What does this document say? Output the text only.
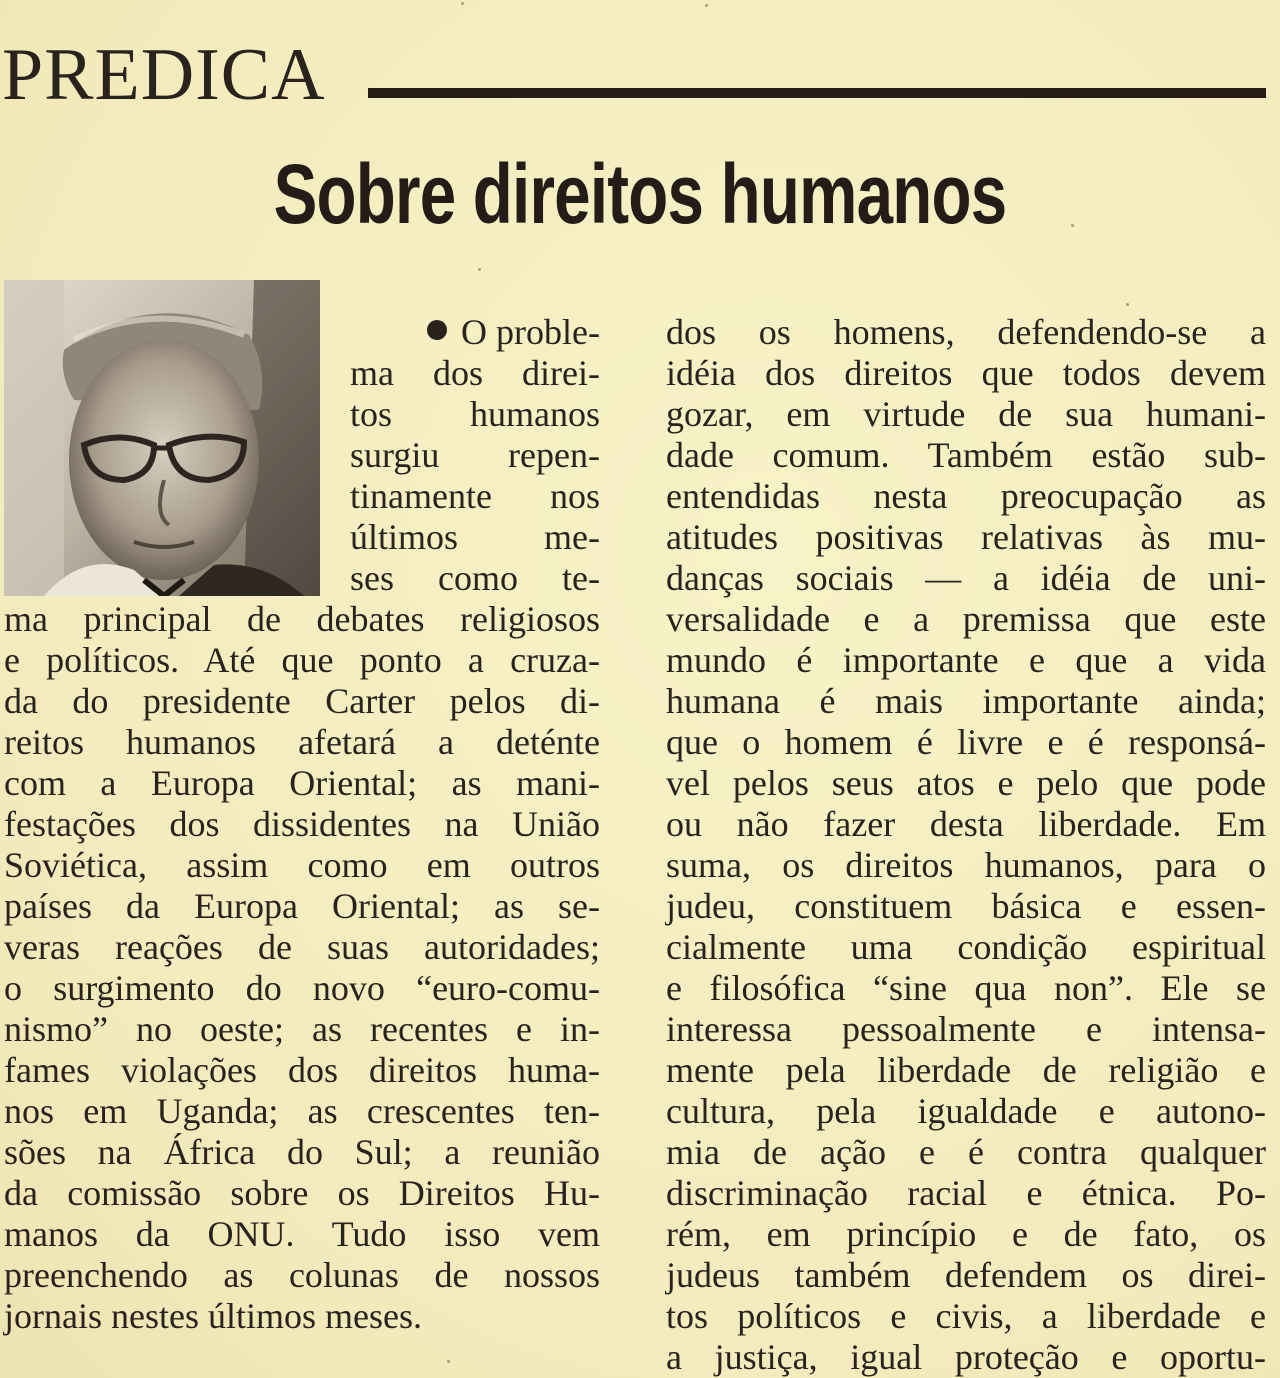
PREDICA
Sobre direitos humanos
O proble-
ma dos direi-
tos humanos
surgiu repen-
tinamente nos
últimos me-
ses como te-
ma principal de debates religiosos
e políticos. Até que ponto a cruza-
da do presidente Carter pelos di-
reitos humanos afetará a deténte
com a Europa Oriental; as mani-
festações dos dissidentes na União
Soviética, assim como em outros
países da Europa Oriental; as se-
veras reações de suas autoridades;
o surgimento do novo “euro-comu-
nismo” no oeste; as recentes e in-
fames violações dos direitos huma-
nos em Uganda; as crescentes ten-
sões na África do Sul; a reunião
da comissão sobre os Direitos Hu-
manos da ONU. Tudo isso vem
preenchendo as colunas de nossos
jornais nestes últimos meses.
dos os homens, defendendo-se a
idéia dos direitos que todos devem
gozar, em virtude de sua humani-
dade comum. Também estão sub-
entendidas nesta preocupação as
atitudes positivas relativas às mu-
danças sociais — a idéia de uni-
versalidade e a premissa que este
mundo é importante e que a vida
humana é mais importante ainda;
que o homem é livre e é responsá-
vel pelos seus atos e pelo que pode
ou não fazer desta liberdade. Em
suma, os direitos humanos, para o
judeu, constituem básica e essen-
cialmente uma condição espiritual
e filosófica “sine qua non”. Ele se
interessa pessoalmente e intensa-
mente pela liberdade de religião e
cultura, pela igualdade e autono-
mia de ação e é contra qualquer
discriminação racial e étnica. Po-
rém, em princípio e de fato, os
judeus também defendem os direi-
tos políticos e civis, a liberdade e
a justiça, igual proteção e oportu-
